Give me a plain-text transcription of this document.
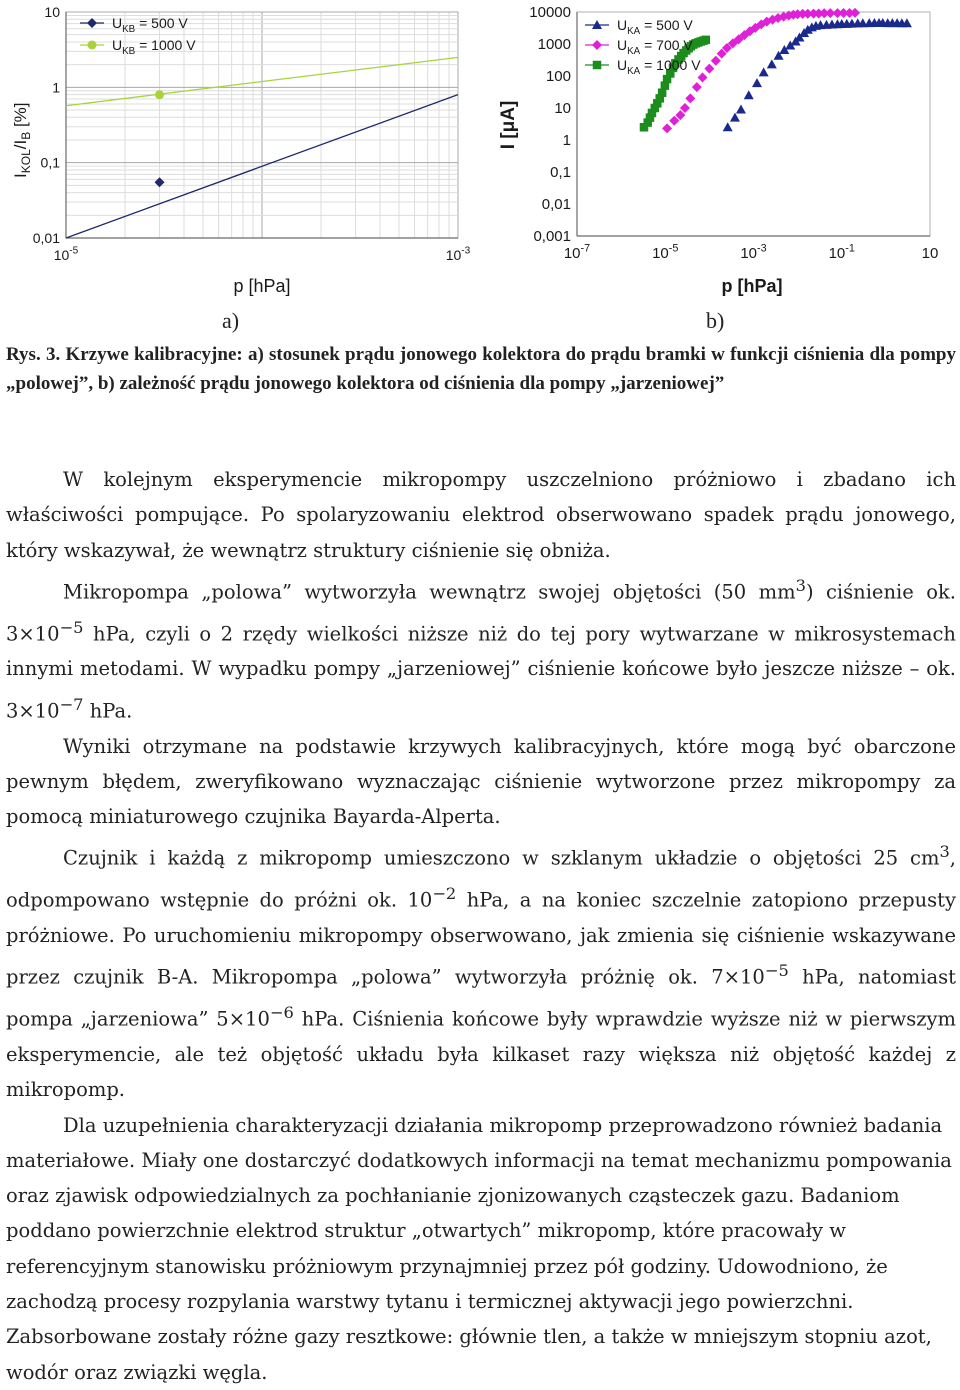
0,01
0,1
1
10
$10^{-5}$	$10^{-3}$
$U_{KB} = 500$ V
$U_{KB} = 1000$ V
$I_{KOL}/I_B$ [%]
p [hPa]
0,001
0,01
0,1
1
10
100
1000
10000
$10^{-7}$	$10^{-5}$	$10^{-3}$	$10^{-1}$	10
$U_{KA} = 500$ V
$U_{KA} = 700$ V
$U_{KA} = 1000$ V
I [μA]
p [hPa]
a)	b)
Rys. 3. Krzywe kalibracyjne: a) stosunek prądu jonowego kolektora do prądu bramki w funkcji ciśnienia dla pompy „polowej”, b) zależność prądu jonowego kolektora od ciśnienia dla pompy „jarzeniowej”

W kolejnym eksperymencie mikropompy uszczelniono próżniowo i zbadano ich właściwości pompujące. Po spolaryzowaniu elektrod obserwowano spadek prądu jonowego, który wskazywał, że wewnątrz struktury ciśnienie się obniża.

Mikropompa „polowa” wytworzyła wewnątrz swojej objętości (50 $mm^3$) ciśnienie ok. $3\times 10^{-5}$ hPa, czyli o 2 rzędy wielkości niższe niż do tej pory wytwarzane w mikrosystemach innymi metodami. W wypadku pompy „jarzeniowej” ciśnienie końcowe było jeszcze niższe – ok. $3\times 10^{-7}$ hPa.

Wyniki otrzymane na podstawie krzywych kalibracyjnych, które mogą być obarczone pewnym błędem, zweryfikowano wyznaczając ciśnienie wytworzone przez mikropompy za pomocą miniaturowego czujnika Bayarda-Alperta.

Czujnik i każdą z mikropomp umieszczono w szklanym układzie o objętości 25 $cm^3$, odpompowano wstępnie do próżni ok. $10^{-2}$ hPa, a na koniec szczelnie zatopiono przepusty próżniowe. Po uruchomieniu mikropompy obserwowano, jak zmienia się ciśnienie wskazywane przez czujnik B-A. Mikropompa „polowa” wytworzyła próżnię ok. $7\times 10^{-5}$ hPa, natomiast pompa „jarzeniowa” $5\times 10^{-6}$ hPa. Ciśnienia końcowe były wprawdzie wyższe niż w pierwszym eksperymencie, ale też objętość układu była kilkaset razy większa niż objętość każdej z mikropomp.

Dla uzupełnienia charakteryzacji działania mikropomp przeprowadzono również badania materiałowe. Miały one dostarczyć dodatkowych informacji na temat mechanizmu pompowania oraz zjawisk odpowiedzialnych za pochłanianie zjonizowanych cząsteczek gazu. Badaniom poddano powierzchnie elektrod struktur „otwartych” mikropomp, które pracowały w referencyjnym stanowisku próżniowym przynajmniej przez pół godziny. Udowodniono, że zachodzą procesy rozpylania warstwy tytanu i termicznej aktywacji jego powierzchni. Zabsorbowane zostały różne gazy resztkowe: głównie tlen, a także w mniejszym stopniu azot, wodór oraz związki węgla.
